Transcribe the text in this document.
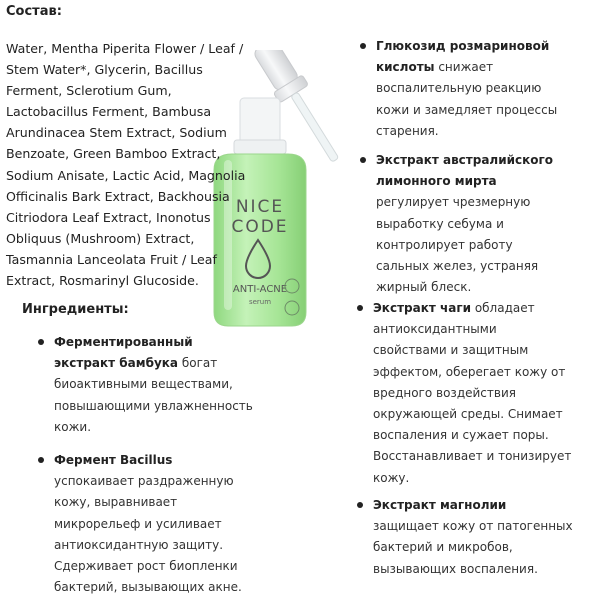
Состав:
Water, Mentha Piperita Flower / Leaf / Stem Water*, Glycerin, Bacillus Ferment, Sclerotium Gum, Lactobacillus Ferment, Bambusa Arundinacea Stem Extract, Sodium Benzoate, Green Bamboo Extract, Sodium Anisate, Lactic Acid, Magnolia Officinalis Bark Extract, Backhousia Citriodora Leaf Extract, Inonotus Obliquus (Mushroom) Extract, Tasmannia Lanceolata Fruit / Leaf Extract, Rosmarinyl Glucoside.
NICE
CODE
ANTI-ACNE
serum
Ингредиенты:
Ферментированный экстракт бамбука богат биоактивными веществами, повышающими увлажненность кожи.
Фермент Bacillus успокаивает раздраженную кожу, выравнивает микрорельеф и усиливает антиоксидантную защиту. Сдерживает рост биопленки бактерий, вызывающих акне.
Глюкозид розмариновой кислоты снижает воспалительную реакцию кожи и замедляет процессы старения.
Экстракт австралийского лимонного мирта регулирует чрезмерную выработку себума и контролирует работу сальных желез, устраняя жирный блеск.
Экстракт чаги обладает антиоксидантными свойствами и защитным эффектом, оберегает кожу от вредного воздействия окружающей среды. Снимает воспаления и сужает поры. Восстанавливает и тонизирует кожу.
Экстракт магнолии защищает кожу от патогенных бактерий и микробов, вызывающих воспаления.
